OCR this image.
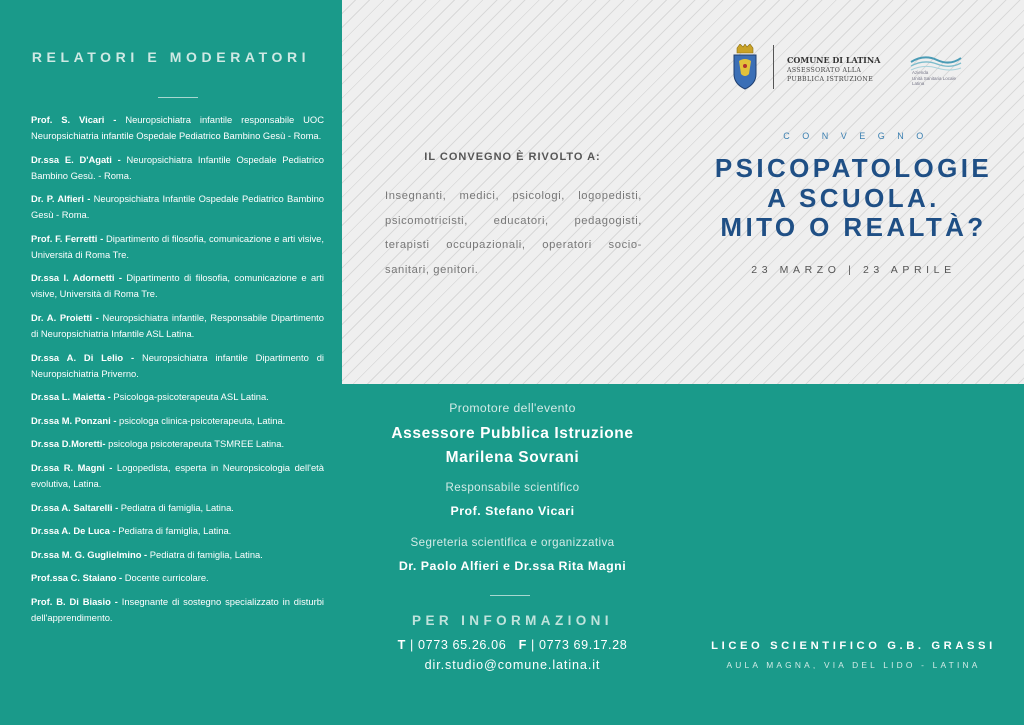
RELATORI E MODERATORI

Prof. S. Vicari - Neuropsichiatra infantile responsabile UOC Neuropsichiatria infantile Ospedale Pediatrico Bambino Gesù - Roma.

Dr.ssa E. D'Agati - Neuropsichiatra Infantile Ospedale Pediatrico Bambino Gesù. - Roma.

Dr. P. Alfieri - Neuropsichiatra Infantile Ospedale Pediatrico Bambino Gesù - Roma.

Prof. F. Ferretti - Dipartimento di filosofia, comunicazione e arti visive, Università di Roma Tre.

Dr.ssa I. Adornetti - Dipartimento di filosofia, comunicazione e arti visive, Università di Roma Tre.

Dr. A. Proietti - Neuropsichiatra infantile, Responsabile Dipartimento di Neuropsichiatria Infantile ASL Latina.

Dr.ssa A. Di Lelio - Neuropsichiatra infantile Dipartimento di Neuropsichiatria Priverno.

Dr.ssa L. Maietta - Psicologa-psicoterapeuta ASL Latina.

Dr.ssa M. Ponzani - psicologa clinica-psicoterapeuta, Latina.

Dr.ssa D.Moretti- psicologa psicoterapeuta TSMREE Latina.

Dr.ssa R. Magni - Logopedista, esperta in Neuropsicologia dell'età evolutiva, Latina.

Dr.ssa A. Saltarelli - Pediatra di famiglia, Latina.

Dr.ssa A. De Luca - Pediatra di famiglia, Latina.

Dr.ssa M. G. Guglielmino - Pediatra di famiglia, Latina.

Prof.ssa C. Staiano - Docente curricolare.

Prof. B. Di Biasio - Insegnante di sostegno specializzato in disturbi dell'apprendimento.

IL CONVEGNO È RIVOLTO A:
Insegnanti, medici, psicologi, logopedisti, psicomotricisti, educatori, pedagogisti, terapisti occupazionali, operatori socio-sanitari, genitori.
COMUNE DI LATINA
ASSESSORATO ALLA
PUBBLICA ISTRUZIONE
Azienda
Unità Sanitaria Locale
Latina
CONVEGNO
PSICOPATOLOGIE
A SCUOLA.
MITO O REALTÀ?
23 MARZO | 23 APRILE
Promotore dell'evento
Assessore Pubblica Istruzione
Marilena Sovrani
Responsabile scientifico
Prof. Stefano Vicari
Segreteria scientifica e organizzativa
Dr. Paolo Alfieri e Dr.ssa Rita Magni
PER INFORMAZIONI
T | 0773 65.26.06 F | 0773 69.17.28
dir.studio@comune.latina.it
LICEO SCIENTIFICO G.B. GRASSI
AULA MAGNA, VIA DEL LIDO - LATINA
